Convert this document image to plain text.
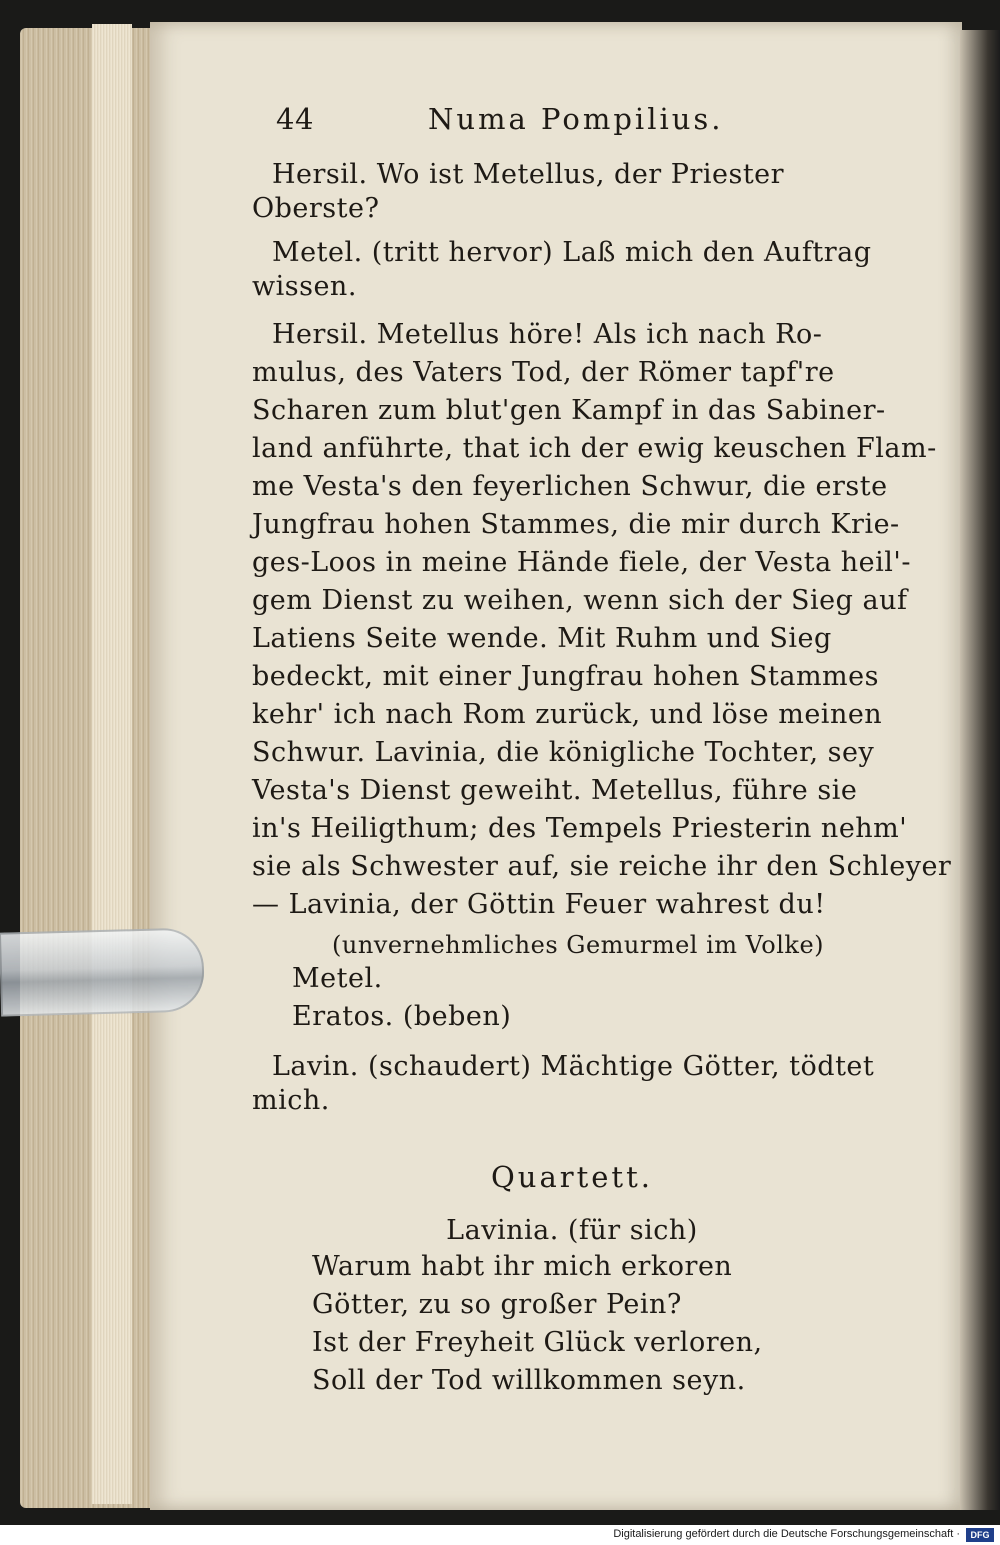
44	Numa Pompilius.
Hersil. Wo ist Metellus, der Priester
Oberste?
Metel. (tritt hervor) Laß mich den Auftrag
wissen.
Hersil. Metellus höre! Als ich nach Ro-
mulus, des Vaters Tod, der Römer tapf're
Scharen zum blut'gen Kampf in das Sabiner-
land anführte, that ich der ewig keuschen Flam-
me Vesta's den feyerlichen Schwur, die erste
Jungfrau hohen Stammes, die mir durch Krie-
ges-Loos in meine Hände fiele, der Vesta heil'-
gem Dienst zu weihen, wenn sich der Sieg auf
Latiens Seite wende. Mit Ruhm und Sieg
bedeckt, mit einer Jungfrau hohen Stammes
kehr' ich nach Rom zurück, und löse meinen
Schwur. Lavinia, die königliche Tochter, sey
Vesta's Dienst geweiht. Metellus, führe sie
in's Heiligthum; des Tempels Priesterin nehm'
sie als Schwester auf, sie reiche ihr den Schleyer
— Lavinia, der Göttin Feuer wahrest du!
(unvernehmliches Gemurmel im Volke)
Metel.
Eratos. (beben)
Lavin. (schaudert) Mächtige Götter, tödtet
mich.
Quartett.
Lavinia. (für sich)
Warum habt ihr mich erkoren
Götter, zu so großer Pein?
Ist der Freyheit Glück verloren,
Soll der Tod willkommen seyn.
Digitalisierung gefördert durch die Deutsche Forschungsgemeinschaft ·	DFG
